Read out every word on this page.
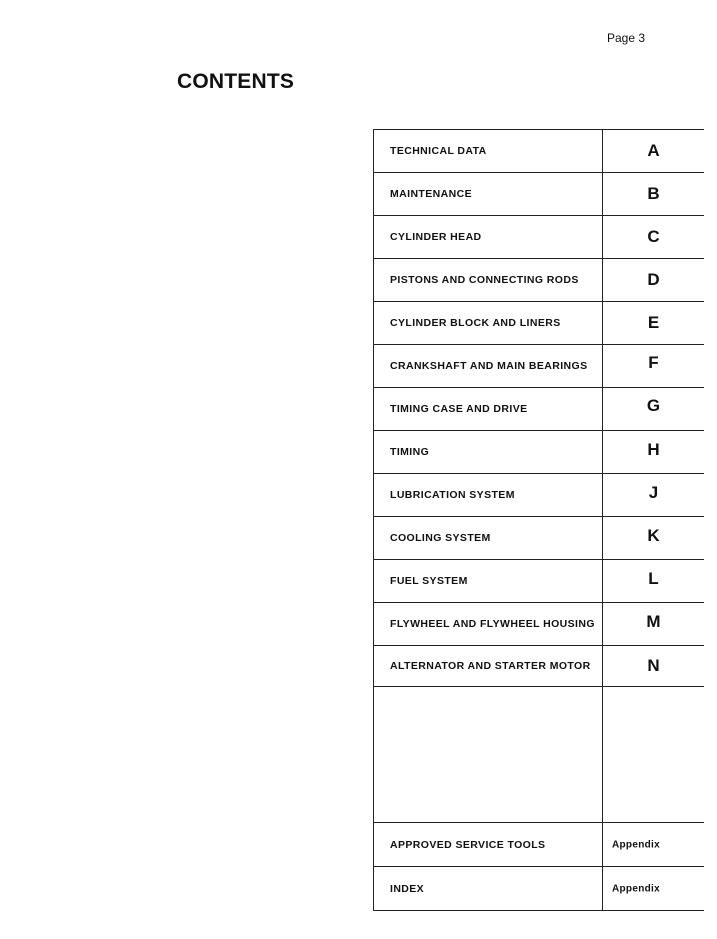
Page 3
CONTENTS
TECHNICAL DATA	A
MAINTENANCE	B
CYLINDER HEAD	C
PISTONS AND CONNECTING RODS	D
CYLINDER BLOCK AND LINERS	E
CRANKSHAFT AND MAIN BEARINGS	F
TIMING CASE AND DRIVE	G
TIMING	H
LUBRICATION SYSTEM	J
COOLING SYSTEM	K
FUEL SYSTEM	L
FLYWHEEL AND FLYWHEEL HOUSING	M
ALTERNATOR AND STARTER MOTOR	N
APPROVED SERVICE TOOLS	Appendix
INDEX	Appendix
